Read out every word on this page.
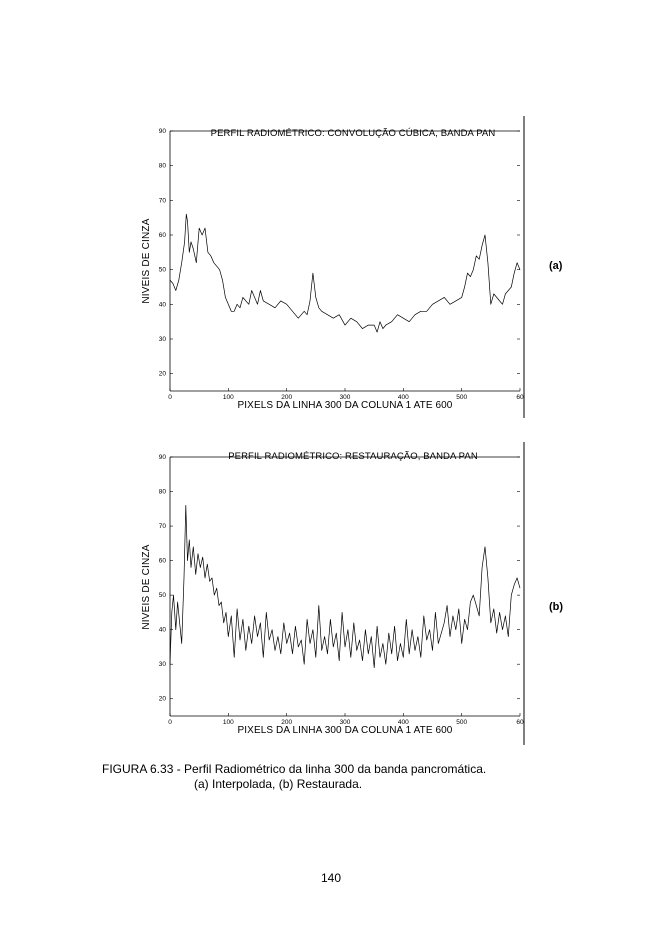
20
30
40
50
60
70
80
90
0	100	200	300	400	500	60
PERFIL RADIOMÉTRICO: CONVOLUÇÃO CÚBICA, BANDA PAN
PIXELS DA LINHA 300 DA COLUNA 1 ATE 600
NIVEIS DE CINZA
20
30
40
50
60
70
80
90
0	100	200	300	400	500	60
PERFIL RADIOMÉTRICO: RESTAURAÇÃO, BANDA PAN
PIXELS DA LINHA 300 DA COLUNA 1 ATE 600
NIVEIS DE CINZA
(a)
(b)
FIGURA 6.33 - Perfil Radiométrico da linha 300 da banda pancromática.
(a) Interpolada, (b) Restaurada.
140
